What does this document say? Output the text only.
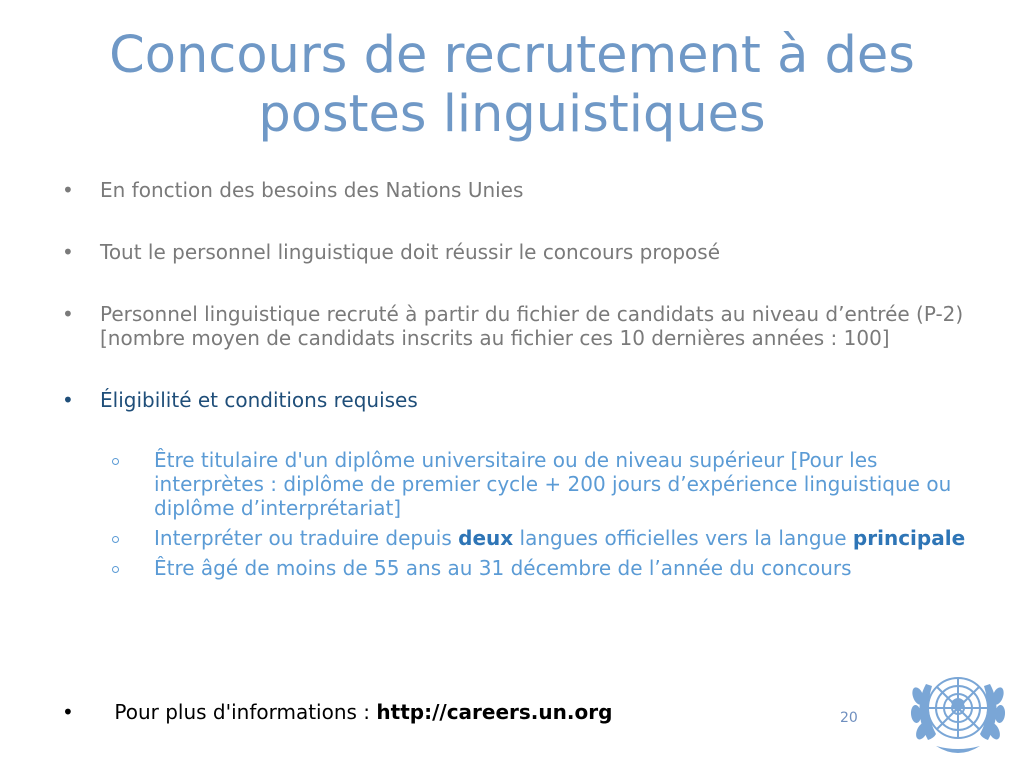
Concours de recrutement à des
postes linguistiques
•	En fonction des besoins des Nations Unies
•	Tout le personnel linguistique doit réussir le concours proposé
•	Personnel linguistique recruté à partir du fichier de candidats au niveau d’entrée (P-2) [nombre moyen de candidats inscrits au fichier ces 10 dernières années : 100]
•	Éligibilité et conditions requises
Être titulaire d'un diplôme universitaire ou de niveau supérieur [Pour les interprètes : diplôme de premier cycle + 200 jours d’expérience linguistique ou diplôme d’interprétariat]
Interpréter ou traduire depuis deux langues officielles vers la langue principale
Être âgé de moins de 55 ans au 31 décembre de l’année du concours
• Pour plus d'informations : http://careers.un.org	20
